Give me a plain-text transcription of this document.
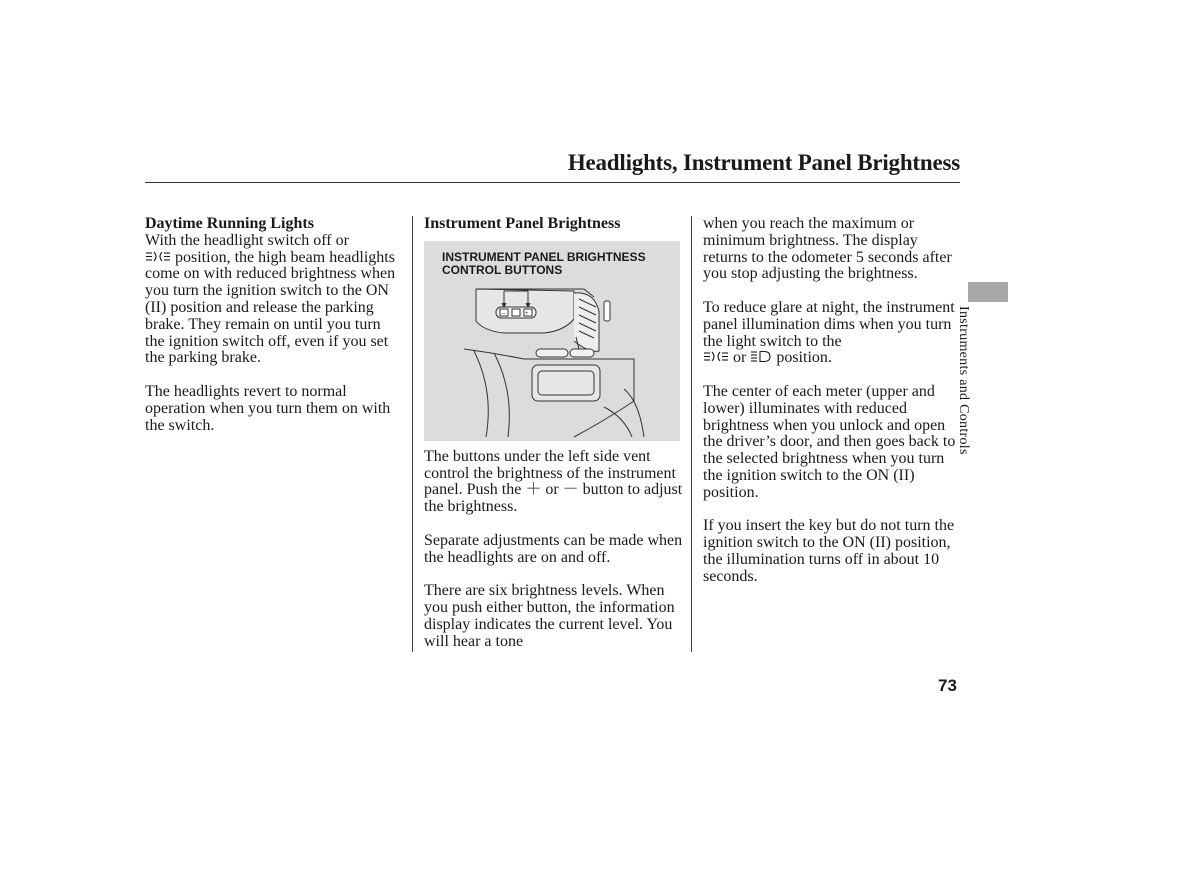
Headlights, Instrument Panel Brightness
Daytime Running Lights

With the headlight switch off or
position, the high beam headlights come on with reduced brightness when you turn the ignition switch to the ON (II) position and release the parking brake. They remain on until you turn the ignition switch off, even if you set the parking brake.

The headlights revert to normal operation when you turn them on with the switch.

Instrument Panel Brightness
–	+
INSTRUMENT PANEL BRIGHTNESS
CONTROL BUTTONS

The buttons under the left side vent control the brightness of the instrument panel. Push the ＋ or － button to adjust the brightness.

Separate adjustments can be made when the headlights are on and off.

There are six brightness levels. When you push either button, the information display indicates the current level. You will hear a tone

when you reach the maximum or minimum brightness. The display returns to the odometer 5 seconds after you stop adjusting the brightness.

To reduce glare at night, the instrument panel illumination dims when you turn the light switch to the
or position.

The center of each meter (upper and lower) illuminates with reduced brightness when you unlock and open the driver’s door, and then goes back to the selected brightness when you turn the ignition switch to the ON (II) position.

If you insert the key but do not turn the ignition switch to the ON (II) position, the illumination turns off in about 10 seconds.

Instruments and Controls
73
